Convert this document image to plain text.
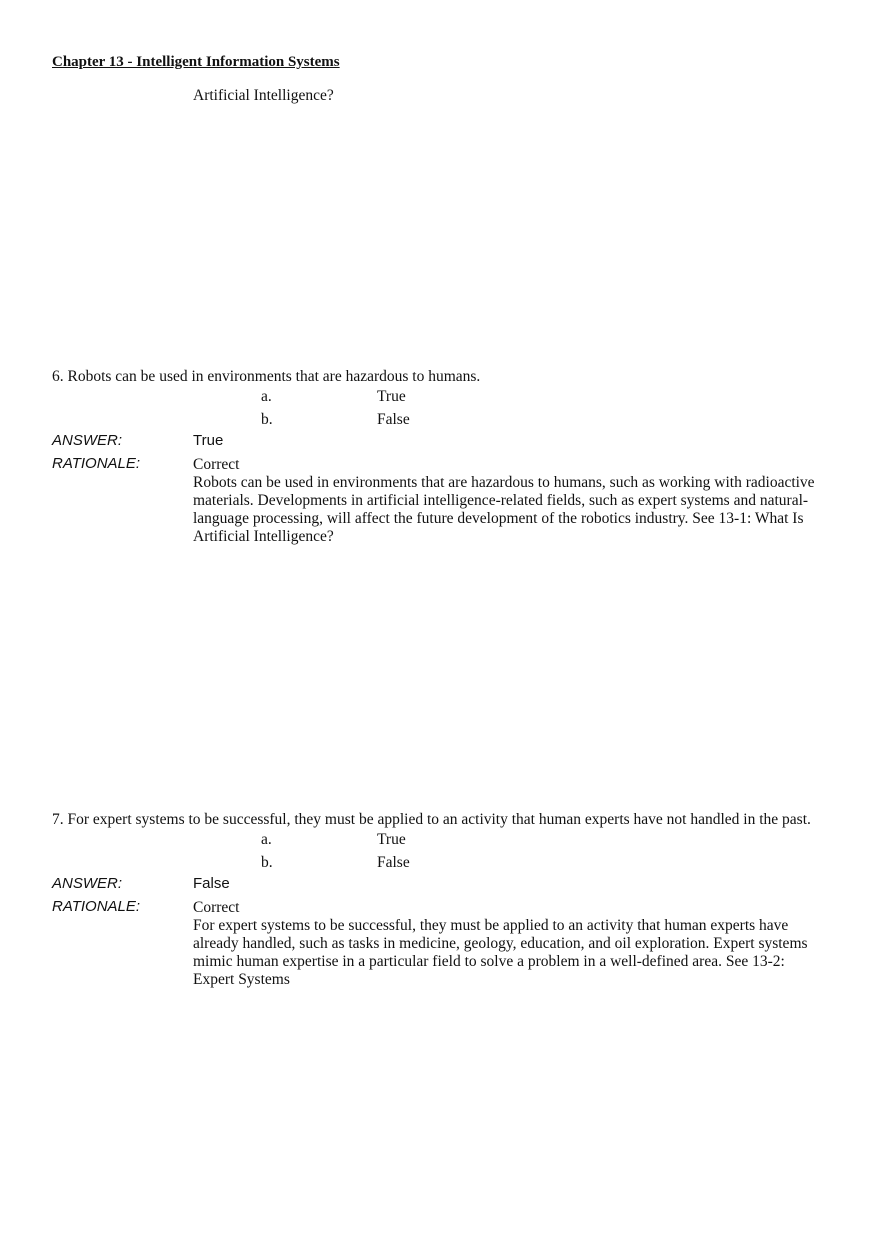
Chapter 13 - Intelligent Information Systems
Artificial Intelligence?
6. Robots can be used in environments that are hazardous to humans.
a.	True
b.	False
ANSWER:	True
RATIONALE:	Correct
Robots can be used in environments that are hazardous to humans, such as working with radioactive
materials. Developments in artificial intelligence-related fields, such as expert systems and natural-
language processing, will affect the future development of the robotics industry. See 13-1: What Is
Artificial Intelligence?
7. For expert systems to be successful, they must be applied to an activity that human experts have not handled in the past.
a.	True
b.	False
ANSWER:	False
RATIONALE:	Correct
For expert systems to be successful, they must be applied to an activity that human experts have
already handled, such as tasks in medicine, geology, education, and oil exploration. Expert systems
mimic human expertise in a particular field to solve a problem in a well-defined area. See 13-2:
Expert Systems
